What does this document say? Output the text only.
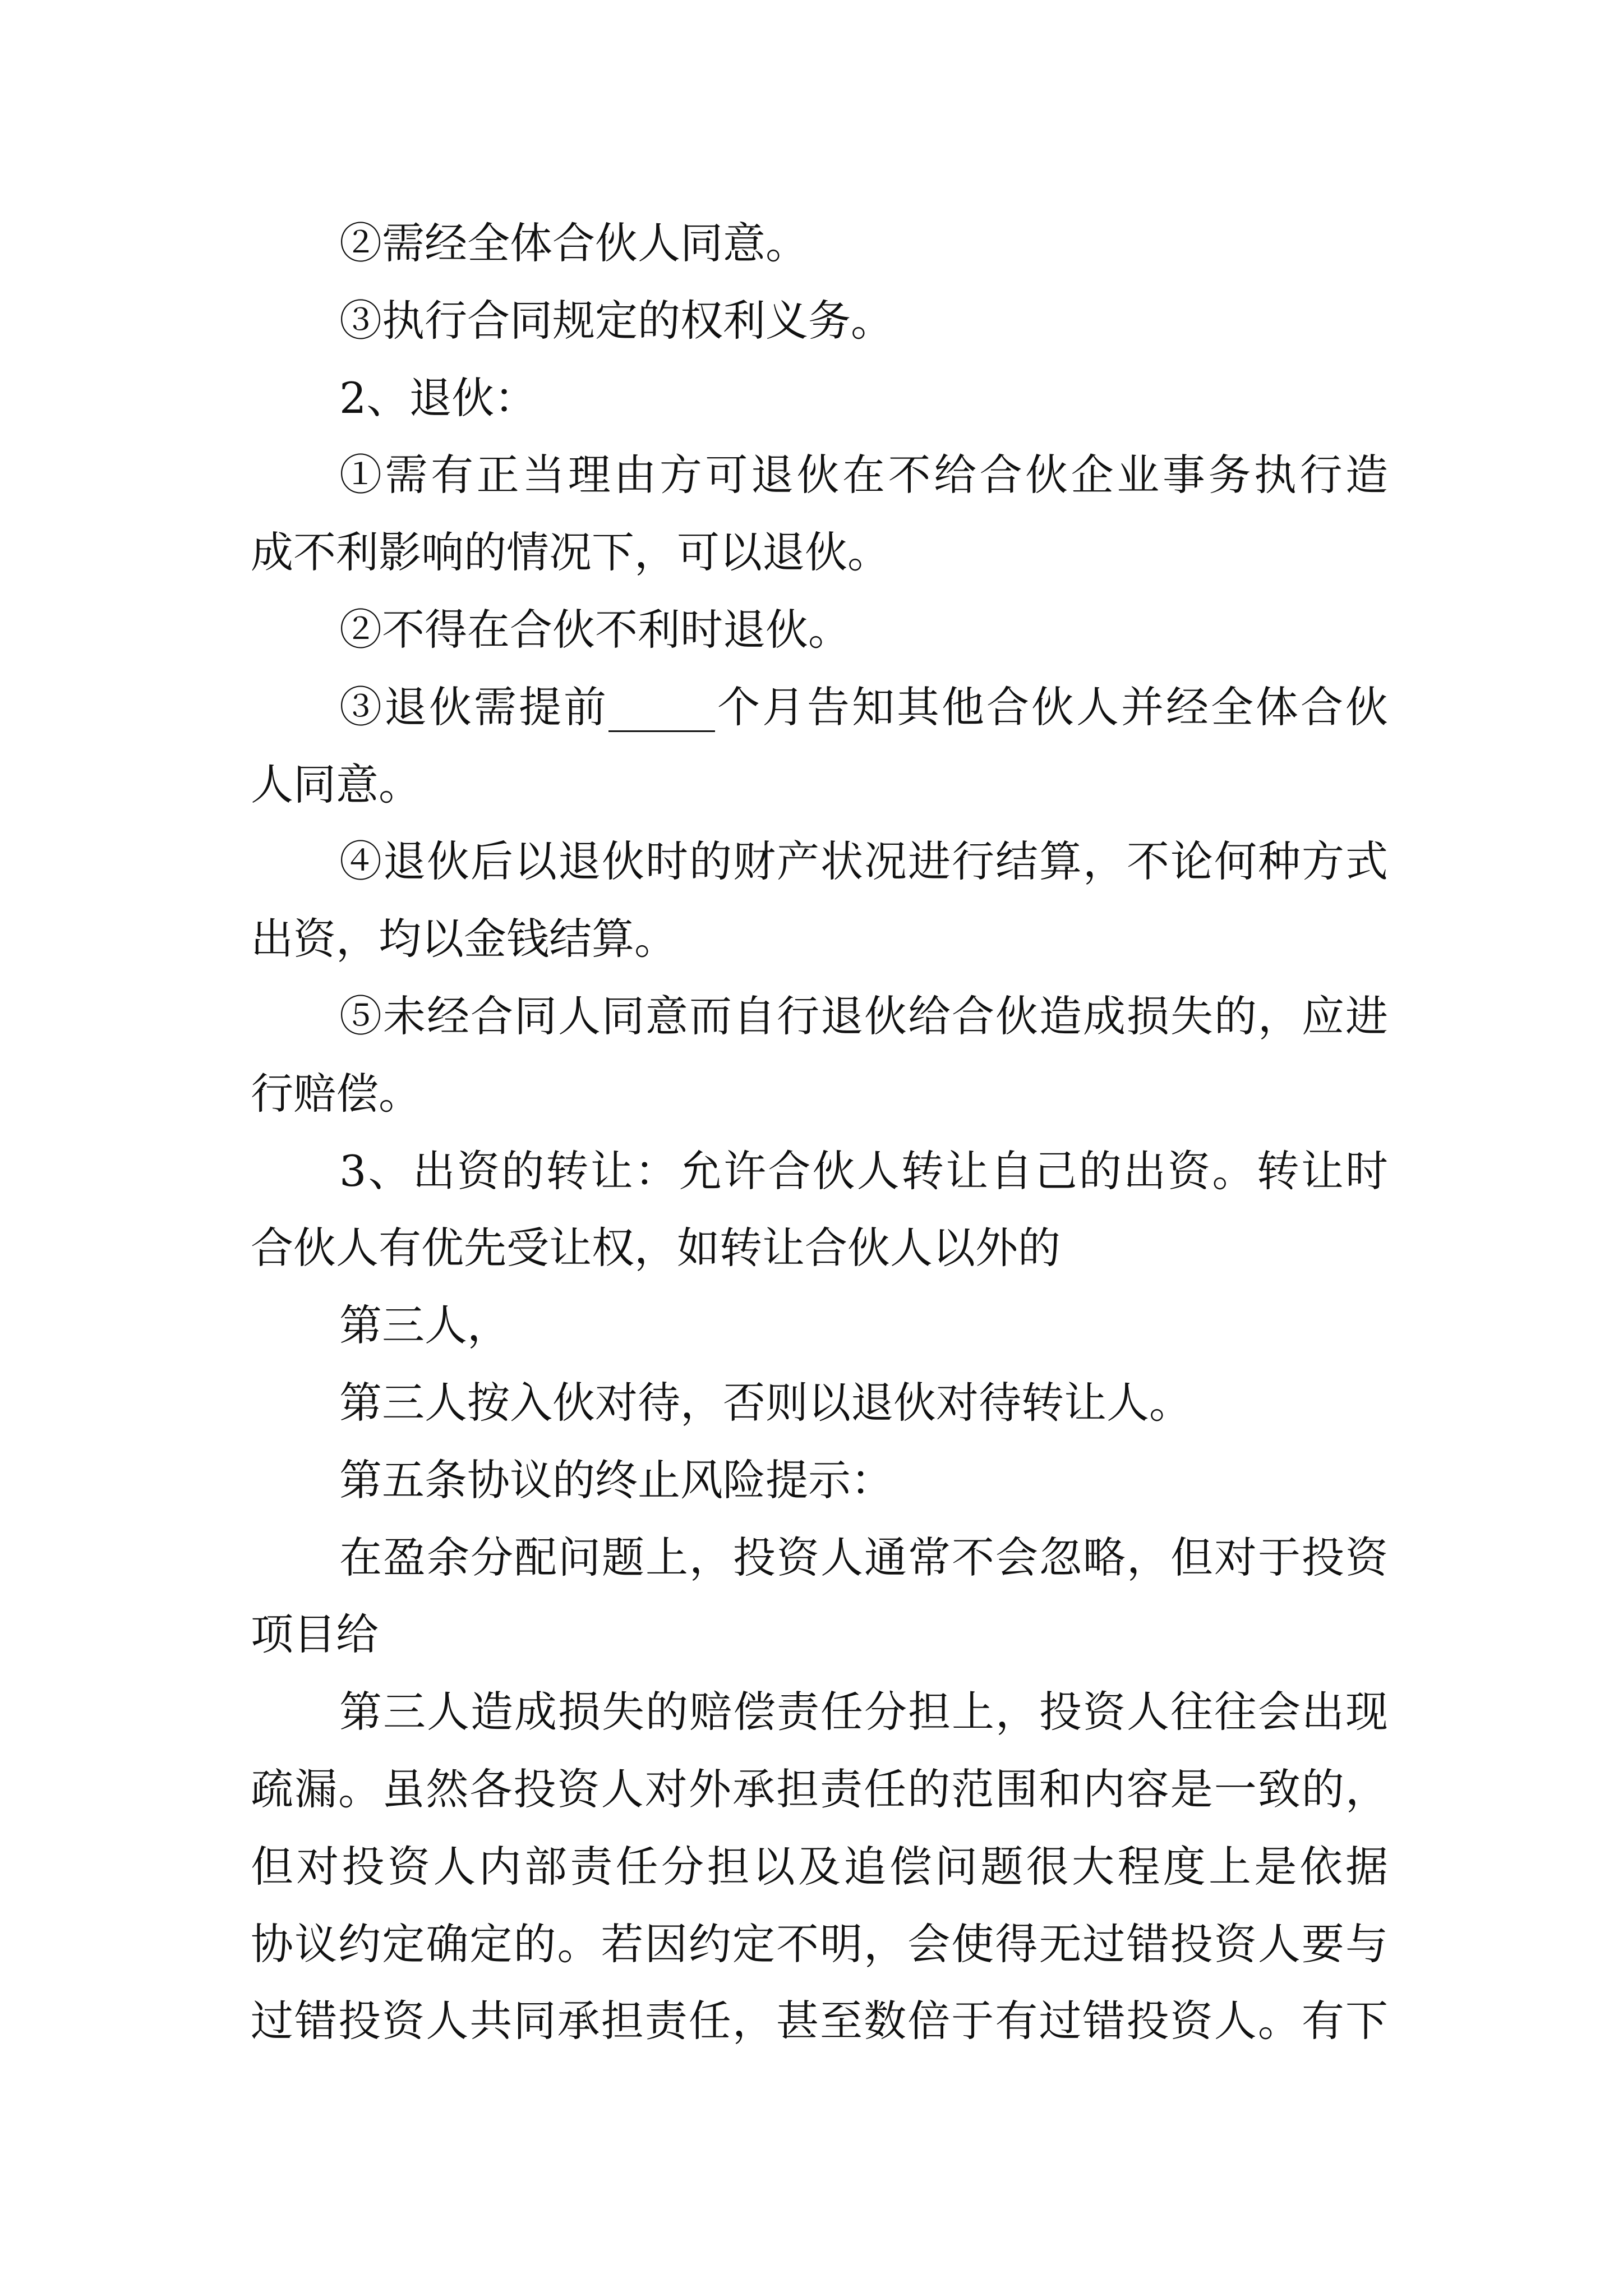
②需经全体合伙人同意。
③执行合同规定的权利义务。
2、退伙：
①需有正当理由方可退伙在不给合伙企业事务执行造
成不利影响的情况下，可以退伙。
②不得在合伙不利时退伙。
③退伙需提前_____个月告知其他合伙人并经全体合伙
人同意。
④退伙后以退伙时的财产状况进行结算，不论何种方式
出资，均以金钱结算。
⑤未经合同人同意而自行退伙给合伙造成损失的，应进
行赔偿。
3、出资的转让：允许合伙人转让自己的出资。转让时
合伙人有优先受让权，如转让合伙人以外的
第三人，
第三人按入伙对待，否则以退伙对待转让人。
第五条协议的终止风险提示：
在盈余分配问题上，投资人通常不会忽略，但对于投资
项目给
第三人造成损失的赔偿责任分担上，投资人往往会出现
疏漏。虽然各投资人对外承担责任的范围和内容是一致的，
但对投资人内部责任分担以及追偿问题很大程度上是依据
协议约定确定的。若因约定不明，会使得无过错投资人要与
过错投资人共同承担责任，甚至数倍于有过错投资人。有下
